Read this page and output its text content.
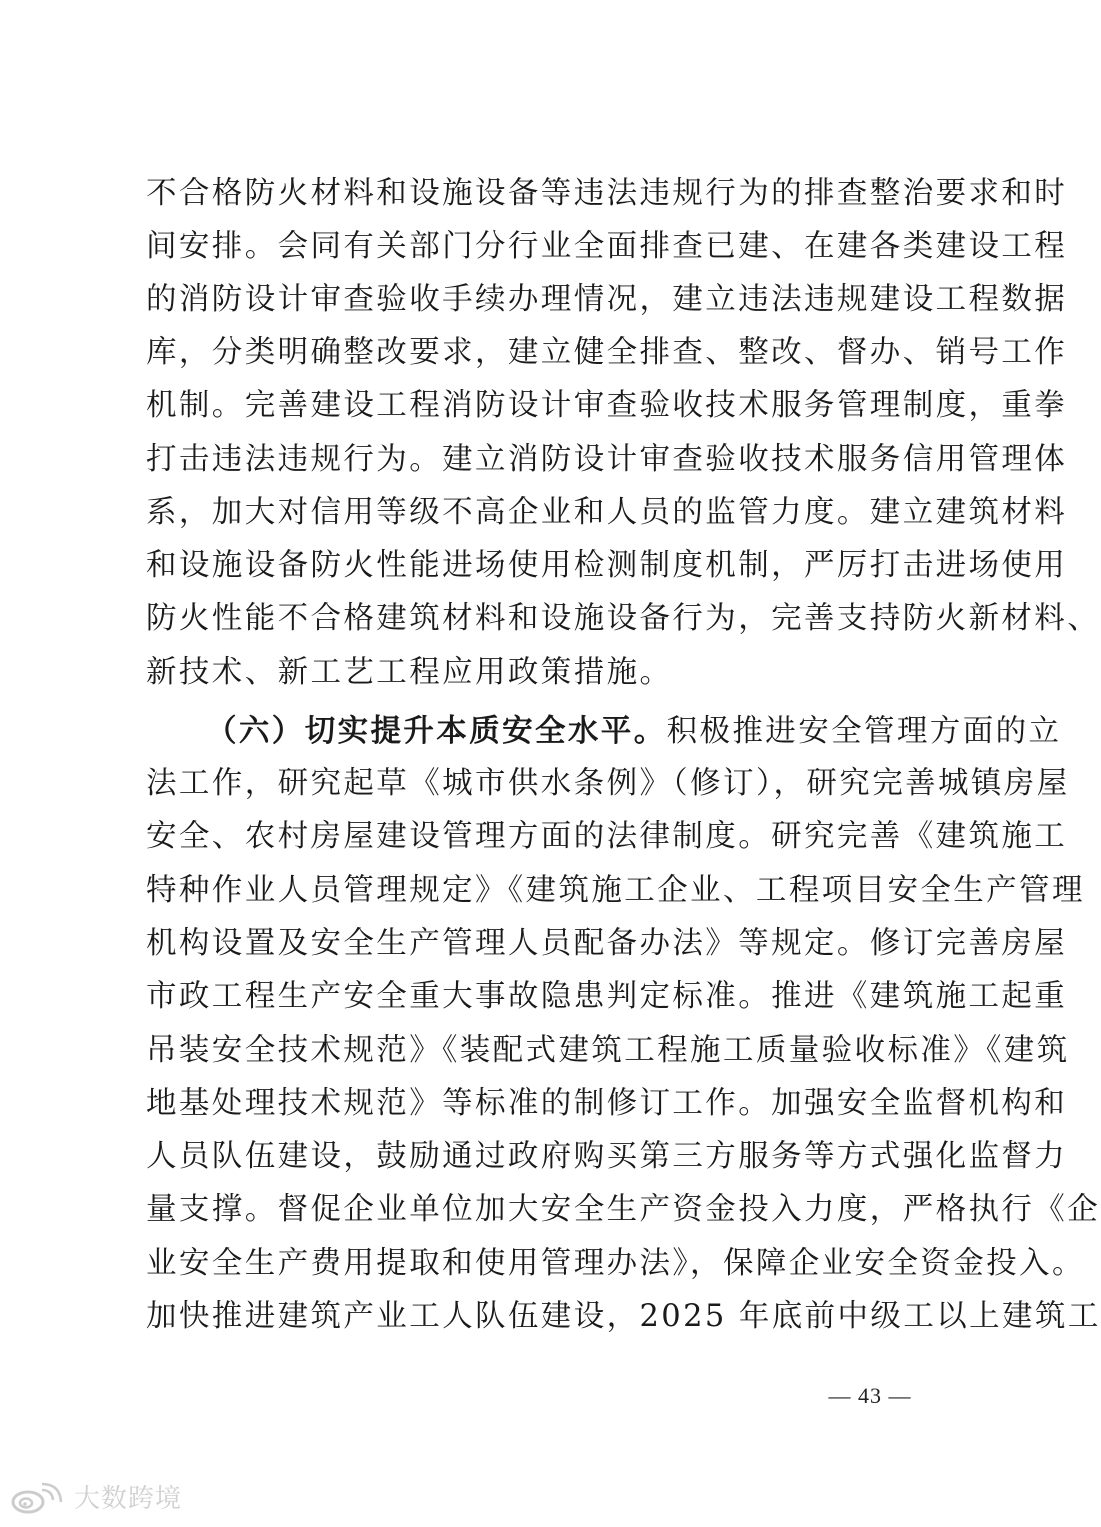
不合格防火材料和设施设备等违法违规行为的排查整治要求和时
间安排。会同有关部门分行业全面排查已建、在建各类建设工程
的消防设计审查验收手续办理情况，建立违法违规建设工程数据
库，分类明确整改要求，建立健全排查、整改、督办、销号工作
机制。完善建设工程消防设计审查验收技术服务管理制度，重拳
打击违法违规行为。建立消防设计审查验收技术服务信用管理体
系，加大对信用等级不高企业和人员的监管力度。建立建筑材料
和设施设备防火性能进场使用检测制度机制，严厉打击进场使用
防火性能不合格建筑材料和设施设备行为，完善支持防火新材料、
新技术、新工艺工程应用政策措施。
（六）切实提升本质安全水平。积极推进安全管理方面的立
法工作，研究起草《城市供水条例》（修订），研究完善城镇房屋
安全、农村房屋建设管理方面的法律制度。研究完善《建筑施工
特种作业人员管理规定》《建筑施工企业、工程项目安全生产管理
机构设置及安全生产管理人员配备办法》等规定。修订完善房屋
市政工程生产安全重大事故隐患判定标准。推进《建筑施工起重
吊装安全技术规范》《装配式建筑工程施工质量验收标准》《建筑
地基处理技术规范》等标准的制修订工作。加强安全监督机构和
人员队伍建设，鼓励通过政府购买第三方服务等方式强化监督力
量支撑。督促企业单位加大安全生产资金投入力度，严格执行《企
业安全生产费用提取和使用管理办法》，保障企业安全资金投入。
加快推进建筑产业工人队伍建设，2025 年底前中级工以上建筑工
— 43 —
大数跨境
